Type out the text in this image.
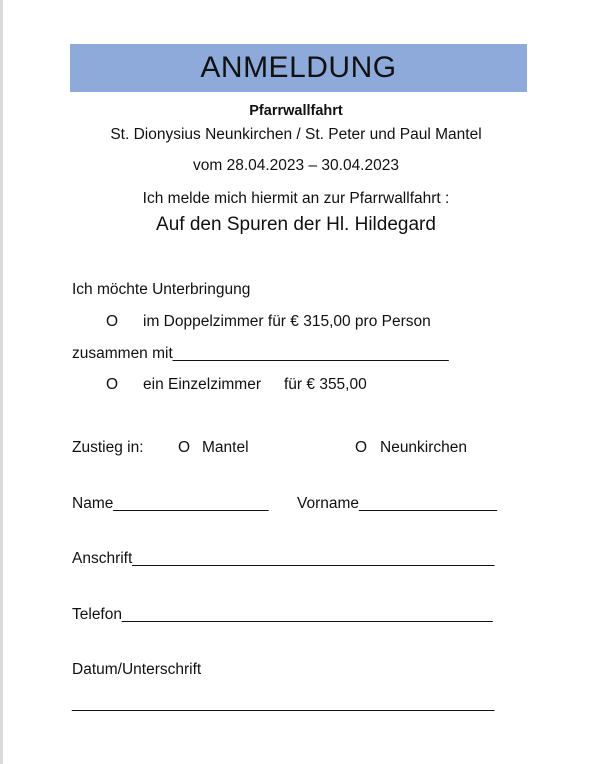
ANMELDUNG
Pfarrwallfahrt
St. Dionysius Neunkirchen / St. Peter und Paul Mantel
vom 28.04.2023 – 30.04.2023
Ich melde mich hiermit an zur Pfarrwallfahrt :
Auf den Spuren der Hl. Hildegard
Ich möchte Unterbringung
O im Doppelzimmer für € 315,00 pro Person
zusammen mit________________________________
O ein Einzelzimmer für € 355,00
Zustieg in: O Mantel	O Neunkirchen
Name__________________ Vorname________________
Anschrift__________________________________________
Telefon___________________________________________
Datum/Unterschrift
_________________________________________________
